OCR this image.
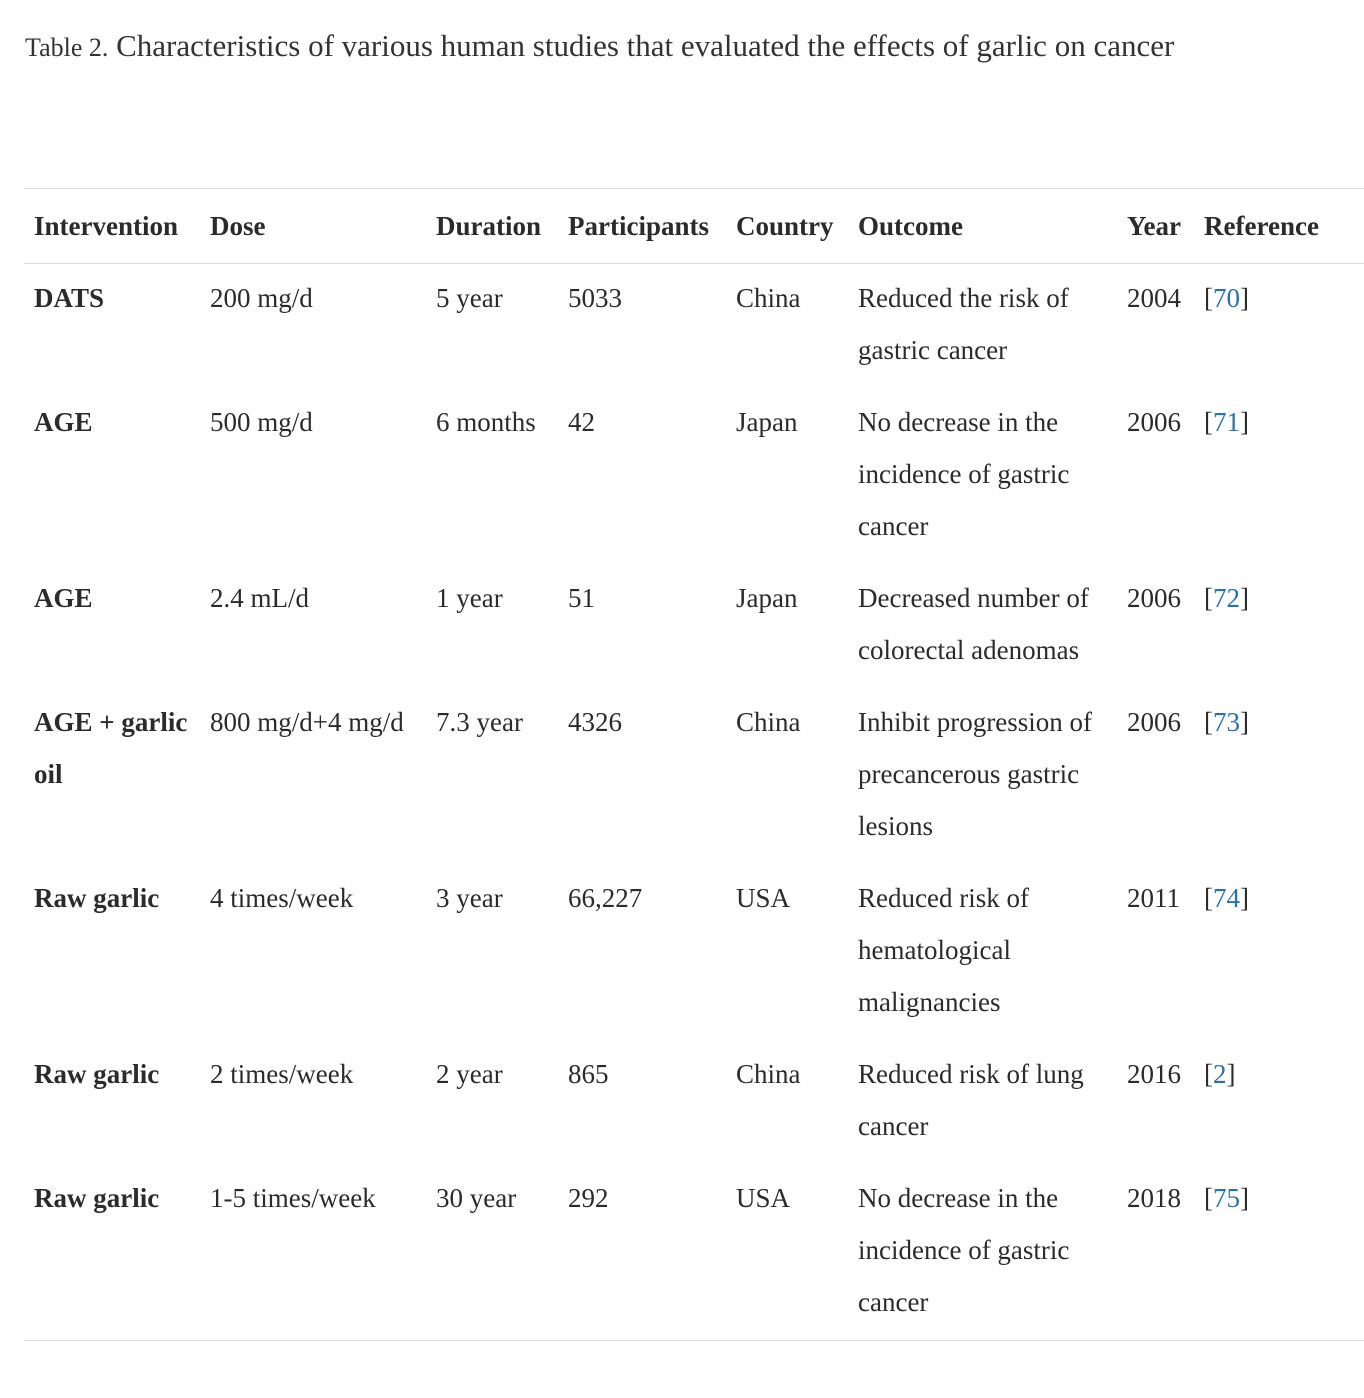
Table 2. Characteristics of various human studies that evaluated the effects of garlic on cancer
Intervention	Dose	Duration	Participants	Country	Outcome	Year	Reference
DATS	200 mg/d	5 year	5033	China	Reduced the risk of gastric cancer	2004	[70]
AGE	500 mg/d	6 months	42	Japan	No decrease in the incidence of gastric cancer	2006	[71]
AGE	2.4 mL/d	1 year	51	Japan	Decreased number of colorectal adenomas	2006	[72]
AGE + garlic oil	800 mg/d+4 mg/d	7.3 year	4326	China	Inhibit progression of precancerous gastric lesions	2006	[73]
Raw garlic	4 times/week	3 year	66,227	USA	Reduced risk of hematological malignancies	2011	[74]
Raw garlic	2 times/week	2 year	865	China	Reduced risk of lung cancer	2016	[2]
Raw garlic	1-5 times/week	30 year	292	USA	No decrease in the incidence of gastric cancer	2018	[75]
